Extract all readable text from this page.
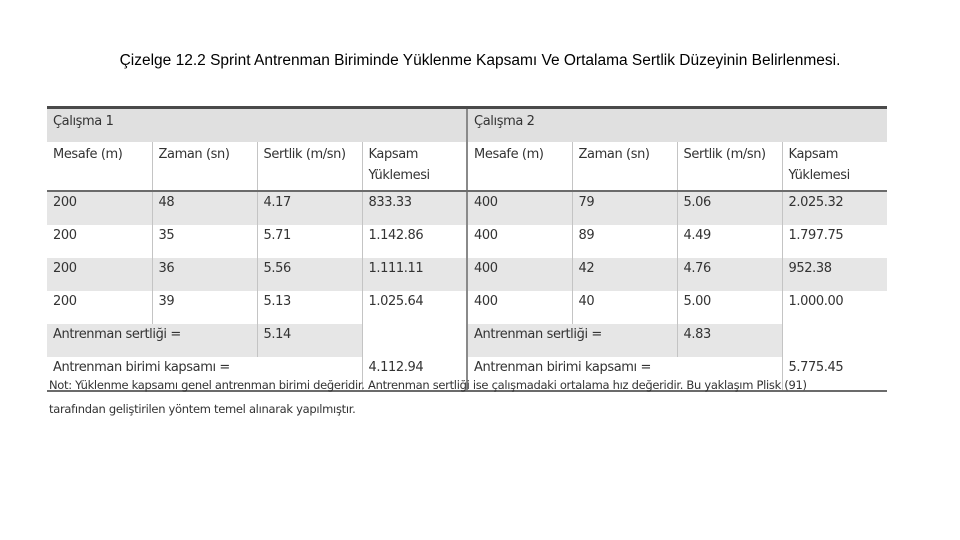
Çizelge 12.2 Sprint Antrenman Biriminde Yüklenme Kapsamı Ve Ortalama Sertlik Düzeyinin Belirlenmesi.
Çalışma 1				Çalışma 2			
Mesafe (m)	Zaman (sn)	Sertlik (m/sn)	Kapsam Yüklemesi	Mesafe (m)	Zaman (sn)	Sertlik (m/sn)	Kapsam Yüklemesi

200	48	4.17	833.33	400	79	5.06	2.025.32
200	35	5.71	1.142.86	400	89	4.49	1.797.75
200	36	5.56	1.111.11	400	42	4.76	952.38
200	39	5.13	1.025.64	400	40	5.00	1.000.00
Antrenman sertliği =		5.14		Antrenman sertliği =		4.83	
Antrenman birimi kapsamı =			4.112.94	Antrenman birimi kapsamı =			5.775.45
Not: Yüklenme kapsamı genel antrenman birimi değeridir. Antrenman sertliği ise çalışmadaki ortalama hız değeridir. Bu yaklaşım Plisk (91)
tarafından geliştirilen yöntem temel alınarak yapılmıştır.
